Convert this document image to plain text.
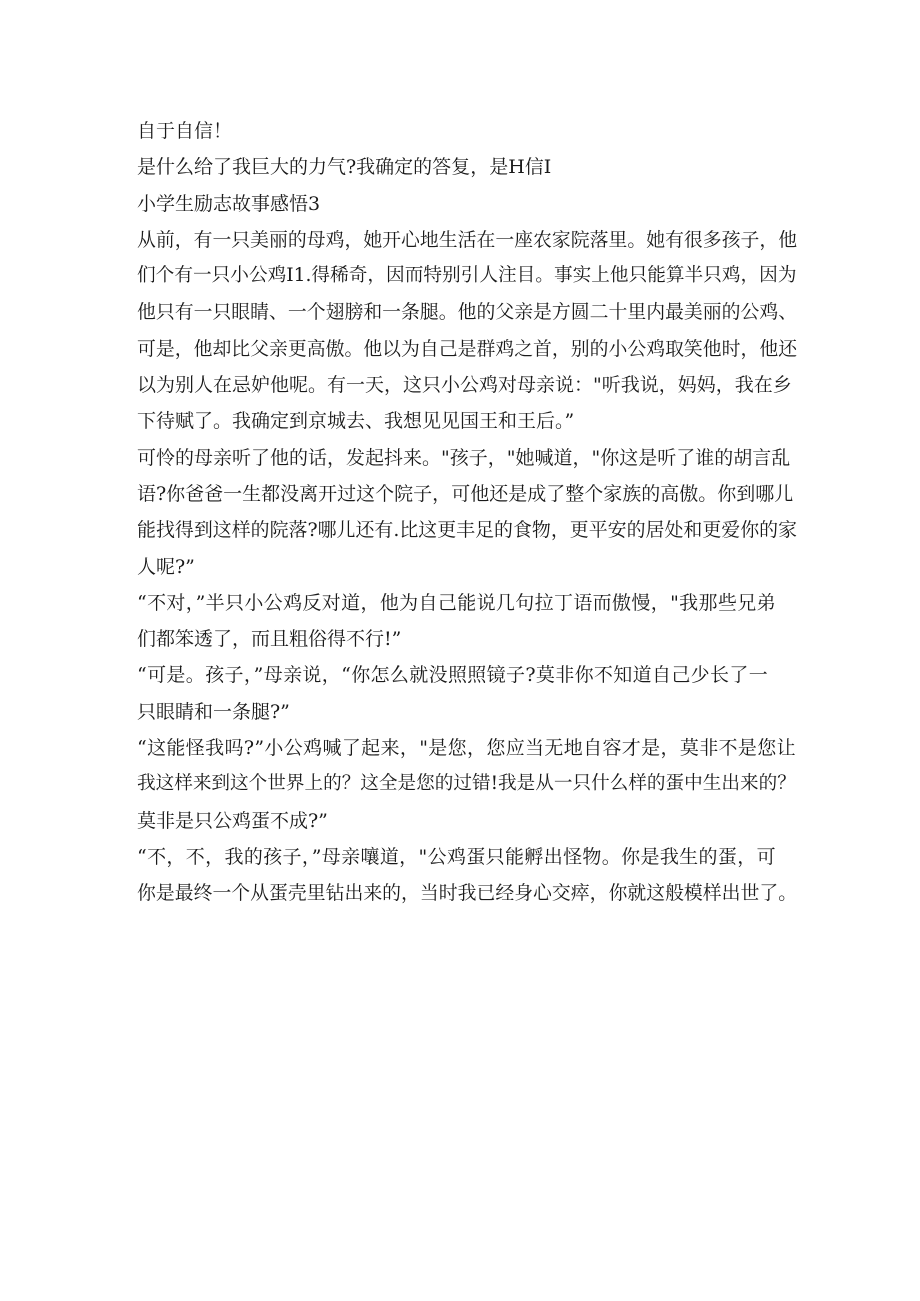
自于自信！
是什么给了我巨大的力气?我确定的答复，是H信I
小学生励志故事感悟3
从前，有一只美丽的母鸡，她开心地生活在一座农家院落里。她有很多孩子，他
们个有一只小公鸡I1.得稀奇，因而特别引人注目。事实上他只能算半只鸡，因为
他只有一只眼睛、一个翅膀和一条腿。他的父亲是方圆二十里内最美丽的公鸡、
可是，他却比父亲更高傲。他以为自己是群鸡之首，别的小公鸡取笑他时，他还
以为别人在忌妒他呢。有一天，这只小公鸡对母亲说："听我说，妈妈，我在乡
下待赋了。我确定到京城去、我想见见国王和王后。”
可怜的母亲听了他的话，发起抖来。"孩子，"她喊道，"你这是听了谁的胡言乱
语?你爸爸一生都没离开过这个院子，可他还是成了整个家族的高傲。你到哪儿
能找得到这样的院落?哪儿还有.比这更丰足的食物，更平安的居处和更爱你的家
人呢?”
“不对，”半只小公鸡反对道，他为自己能说几句拉丁语而傲慢，"我那些兄弟
们都笨透了，而且粗俗得不行!”
“可是。孩子，”母亲说，“你怎么就没照照镜子?莫非你不知道自己少长了一
只眼睛和一条腿?”
“这能怪我吗?”小公鸡喊了起来，"是您，您应当无地自容才是，莫非不是您让
我这样来到这个世界上的？这全是您的过错!我是从一只什么样的蛋中生出来的？
莫非是只公鸡蛋不成?”
“不，不，我的孩子，”母亲嚷道，"公鸡蛋只能孵出怪物。你是我生的蛋，可
你是最终一个从蛋壳里钻出来的，当时我已经身心交瘁，你就这般模样出世了。
